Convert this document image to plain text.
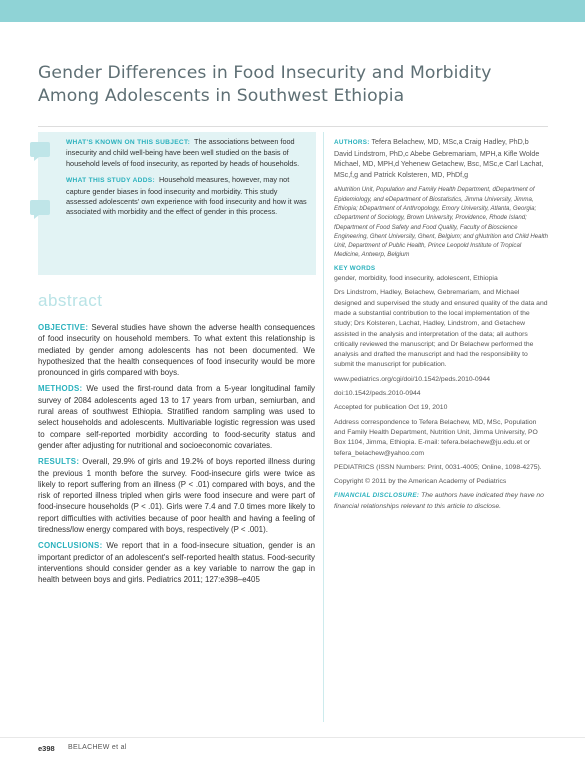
Gender Differences in Food Insecurity and Morbidity
Among Adolescents in Southwest Ethiopia

WHAT'S KNOWN ON THIS SUBJECT: The associations between food insecurity and child well-being have been well studied on the basis of household levels of food insecurity, as reported by heads of households.

WHAT THIS STUDY ADDS: Household measures, however, may not capture gender biases in food insecurity and morbidity. This study assessed adolescents' own experience with food insecurity and how it was associated with morbidity and the effect of gender in this process.

abstract

OBJECTIVE: Several studies have shown the adverse health consequences of food insecurity on household members. To what extent this relationship is mediated by gender among adolescents has not been documented. We hypothesized that the health consequences of food insecurity would be more pronounced in girls compared with boys.

METHODS: We used the first-round data from a 5-year longitudinal family survey of 2084 adolescents aged 13 to 17 years from urban, semiurban, and rural areas of southwest Ethiopia. Stratified random sampling was used to select households and adolescents. Multivariable logistic regression was used to compare self-reported morbidity according to food-security status and gender after adjusting for nutritional and socioeconomic covariates.

RESULTS: Overall, 29.9% of girls and 19.2% of boys reported illness during the previous 1 month before the survey. Food-insecure girls were twice as likely to report suffering from an illness (P < .01) compared with boys, and the risk of reported illness tripled when girls were food insecure and were part of food-insecure households (P < .01). Girls were 7.4 and 7.0 times more likely to report difficulties with activities because of poor health and having a feeling of tiredness/low energy compared with boys, respectively (P < .001).

CONCLUSIONS: We report that in a food-insecure situation, gender is an important predictor of an adolescent's self-reported health status. Food-security interventions should consider gender as a key variable to narrow the gap in health between boys and girls. Pediatrics 2011; 127:e398–e405

AUTHORS: Tefera Belachew, MD, MSc,a Craig Hadley, PhD,b David Lindstrom, PhD,c Abebe Gebremariam, MPH,a Kifle Wolde Michael, MD, MPH,d Yehenew Getachew, Bsc, MSc,e Carl Lachat, MSc,f,g and Patrick Kolsteren, MD, PhDf,g
aNutrition Unit, Population and Family Health Department, dDepartment of Epidemiology, and eDepartment of Biostatistics, Jimma University, Jimma, Ethiopia; bDepartment of Anthropology, Emory University, Atlanta, Georgia; cDepartment of Sociology, Brown University, Providence, Rhode Island; fDepartment of Food Safety and Food Quality, Faculty of Bioscience Engineering, Ghent University, Ghent, Belgium; and gNutrition and Child Health Unit, Department of Public Health, Prince Leopold Institute of Tropical Medicine, Antwerp, Belgium
KEY WORDS
gender, morbidity, food insecurity, adolescent, Ethiopia
Drs Lindstrom, Hadley, Belachew, Gebremariam, and Michael designed and supervised the study and ensured quality of the data and made a substantial contribution to the local implementation of the study; Drs Kolsteren, Lachat, Hadley, Lindstrom, and Getachew assisted in the analysis and interpretation of the data; all authors critically reviewed the manuscript; and Dr Belachew performed the analysis and drafted the manuscript and had the responsibility to submit the manuscript for publication.
www.pediatrics.org/cgi/doi/10.1542/peds.2010-0944
doi:10.1542/peds.2010-0944
Accepted for publication Oct 19, 2010
Address correspondence to Tefera Belachew, MD, MSc, Population and Family Health Department, Nutrition Unit, Jimma University, PO Box 1104, Jimma, Ethiopia. E-mail: tefera.belachew@ju.edu.et or tefera_belachew@yahoo.com
PEDIATRICS (ISSN Numbers: Print, 0031-4005; Online, 1098-4275).
Copyright © 2011 by the American Academy of Pediatrics
FINANCIAL DISCLOSURE: The authors have indicated they have no financial relationships relevant to this article to disclose.
e398 BELACHEW et al
